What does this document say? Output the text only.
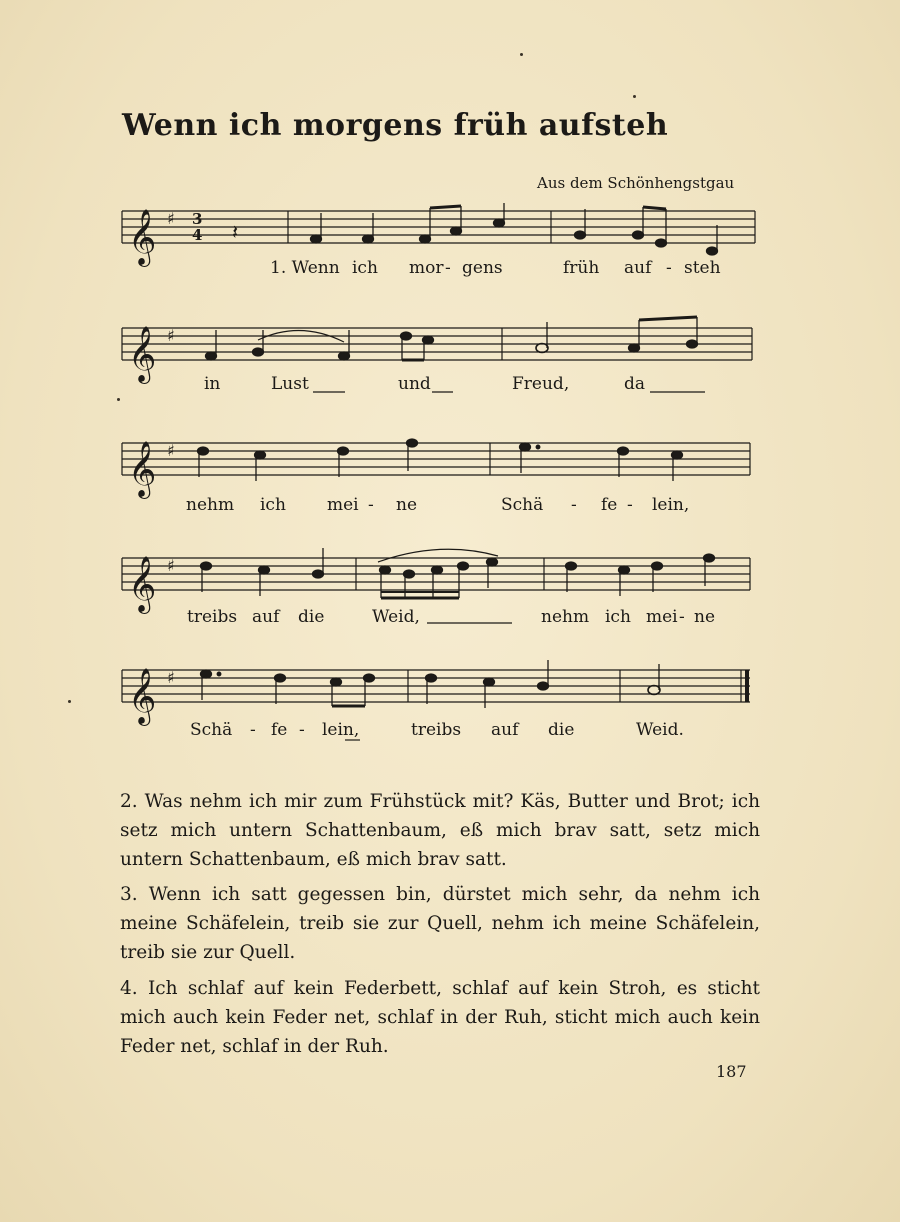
Wenn ich morgens früh aufsteh
Aus dem Schönhengstgau
𝄞 ♯ 3
4 𝄽
1. Wenn ich mor - gens	früh auf - steh
𝄞 ♯
in	Lust	und	Freud,	da
𝄞 ♯
nehm ich mei - ne	Schä - fe - lein,
𝄞 ♯
treibs auf die	Weid,	nehm ich mei - ne
𝄞 ♯
Schä - fe - lein,	treibs auf die	Weid.
2. Was nehm ich mir zum Frühstück mit? Käs, Butter und Brot; ich setz mich untern Schattenbaum, eß mich brav satt, setz mich untern Schattenbaum, eß mich brav satt.
3. Wenn ich satt gegessen bin, dürstet mich sehr, da nehm ich meine Schäfelein, treib sie zur Quell, nehm ich meine Schäfelein, treib sie zur Quell.
4. Ich schlaf auf kein Federbett, schlaf auf kein Stroh, es sticht mich auch kein Feder net, schlaf in der Ruh, sticht mich auch kein Feder net, schlaf in der Ruh.
187
